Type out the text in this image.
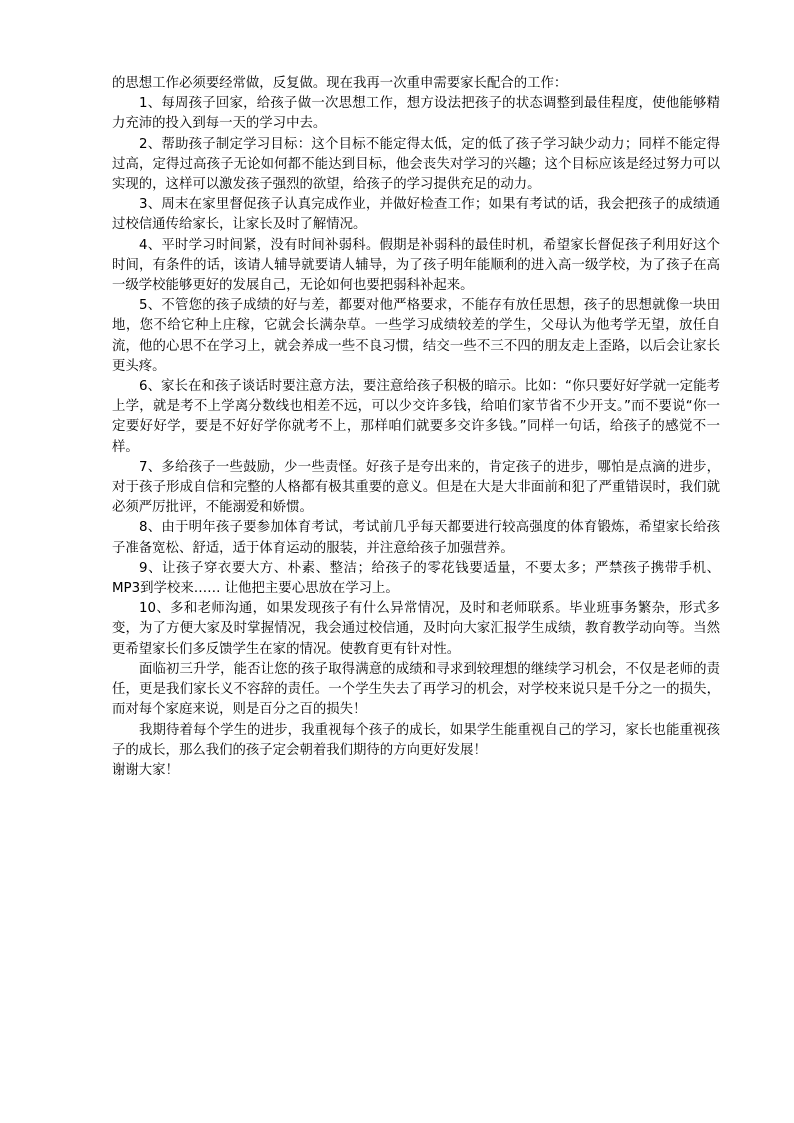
的思想工作必须要经常做，反复做。现在我再一次重申需要家长配合的工作：

1、每周孩子回家，给孩子做一次思想工作，想方设法把孩子的状态调整到最佳程度，使他能够精力充沛的投入到每一天的学习中去。

2、帮助孩子制定学习目标：这个目标不能定得太低，定的低了孩子学习缺少动力；同样不能定得过高，定得过高孩子无论如何都不能达到目标，他会丧失对学习的兴趣；这个目标应该是经过努力可以实现的，这样可以激发孩子强烈的欲望，给孩子的学习提供充足的动力。

3、周末在家里督促孩子认真完成作业，并做好检查工作；如果有考试的话，我会把孩子的成绩通过校信通传给家长，让家长及时了解情况。

4、平时学习时间紧，没有时间补弱科。假期是补弱科的最佳时机，希望家长督促孩子利用好这个时间，有条件的话，该请人辅导就要请人辅导，为了孩子明年能顺利的进入高一级学校，为了孩子在高一级学校能够更好的发展自己，无论如何也要把弱科补起来。

5、不管您的孩子成绩的好与差，都要对他严格要求，不能存有放任思想，孩子的思想就像一块田地，您不给它种上庄稼，它就会长满杂草。一些学习成绩较差的学生，父母认为他考学无望，放任自流，他的心思不在学习上，就会养成一些不良习惯，结交一些不三不四的朋友走上歪路，以后会让家长更头疼。

6、家长在和孩子谈话时要注意方法，要注意给孩子积极的暗示。比如：“你只要好好学就一定能考上学，就是考不上学离分数线也相差不远，可以少交许多钱，给咱们家节省不少开支。”而不要说“你一定要好好学，要是不好好学你就考不上，那样咱们就要多交许多钱。”同样一句话，给孩子的感觉不一样。

7、多给孩子一些鼓励，少一些责怪。好孩子是夸出来的，肯定孩子的进步，哪怕是点滴的进步，对于孩子形成自信和完整的人格都有极其重要的意义。但是在大是大非面前和犯了严重错误时，我们就必须严厉批评，不能溺爱和娇惯。

8、由于明年孩子要参加体育考试，考试前几乎每天都要进行较高强度的体育锻炼，希望家长给孩子准备宽松、舒适，适于体育运动的服装，并注意给孩子加强营养。

9、让孩子穿衣要大方、朴素、整洁；给孩子的零花钱要适量，不要太多；严禁孩子携带手机、MP3到学校来…… 让他把主要心思放在学习上。

10、多和老师沟通，如果发现孩子有什么异常情况，及时和老师联系。毕业班事务繁杂，形式多变，为了方便大家及时掌握情况，我会通过校信通，及时向大家汇报学生成绩，教育教学动向等。当然更希望家长们多反馈学生在家的情况。使教育更有针对性。

面临初三升学，能否让您的孩子取得满意的成绩和寻求到较理想的继续学习机会，不仅是老师的责任，更是我们家长义不容辞的责任。一个学生失去了再学习的机会，对学校来说只是千分之一的损失，而对每个家庭来说，则是百分之百的损失！

我期待着每个学生的进步，我重视每个孩子的成长，如果学生能重视自己的学习，家长也能重视孩子的成长，那么我们的孩子定会朝着我们期待的方向更好发展！

谢谢大家！
